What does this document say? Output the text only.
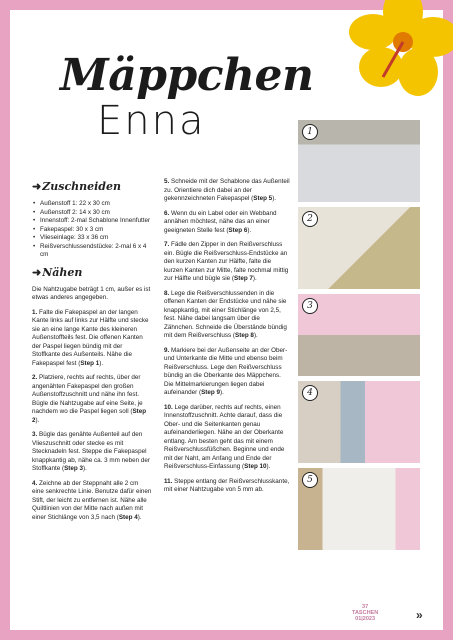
Mäppchen
Enna
➜Zuschneiden
• Außenstoff 1: 22 x 30 cm
• Außenstoff 2: 14 x 30 cm
• Innenstoff: 2-mal Schablone Innenfutter
• Fakepaspel: 30 x 3 cm
• Vlieseinlage: 33 x 36 cm
• Reißverschlussendstücke: 2-mal 6 x 4 cm
➜Nähen

Die Nahtzugabe beträgt 1 cm, außer es ist etwas anderes angegeben.

1. Falte die Fakepaspel an der langen Kante links auf links zur Hälfte und stecke sie an eine lange Kante des kleineren Außenstoffteils fest. Die offenen Kanten der Paspel liegen bündig mit der Stoffkante des Außenteils. Nähe die Fakepaspel fest (Step 1).

2. Platziere, rechts auf rechts, über der angenähten Fakepaspel den großen Außenstoffzuschnitt und nähe ihn fest. Bügle die Nahtzugabe auf eine Seite, je nachdem wo die Paspel liegen soll (Step 2).

3. Bügle das genähte Außenteil auf den Vlieszuschnitt oder stecke es mit Stecknadeln fest. Steppe die Fakepaspel knappkantig ab, nähe ca. 3 mm neben der Stoffkante (Step 3).

4. Zeichne ab der Steppnaht alle 2 cm eine senkrechte Linie. Benutze dafür einen Stift, der leicht zu entfernen ist. Nähe alle Quiltlinien von der Mitte nach außen mit einer Stichlänge von 3,5 nach (Step 4).

5. Schneide mit der Schablone das Außenteil zu. Orientiere dich dabei an der gekennzeichneten Fakepaspel (Step 5).

6. Wenn du ein Label oder ein Webband annähen möchtest, nähe das an einer geeigneten Stelle fest (Step 6).

7. Fädle den Zipper in den Reißverschluss ein. Bügle die Reißverschluss-Endstücke an den kurzen Kanten zur Hälfte, falte die kurzen Kanten zur Mitte, falte nochmal mittig zur Hälfte und bügle sie (Step 7).

8. Lege die Reißverschlussenden in die offenen Kanten der Endstücke und nähe sie knappkantig, mit einer Stichlänge von 2,5, fest. Nähe dabei langsam über die Zähnchen. Schneide die Überstände bündig mit dem Reißverschluss (Step 8).

9. Markiere bei der Außenseite an der Ober- und Unterkante die Mitte und ebenso beim Reißverschluss. Lege den Reißverschluss bündig an die Oberkante des Mäppchens. Die Mittelmarkierungen liegen dabei aufeinander (Step 9).

10. Lege darüber, rechts auf rechts, einen Innenstoffzuschnitt. Achte darauf, dass die Ober- und die Seitenkanten genau aufeinanderliegen. Nähe an der Oberkante entlang. Am besten geht das mit einem Reißverschlussfüßchen. Beginne und ende mit der Naht, am Anfang und Ende der Reißverschluss-Einfassung (Step 10).

11. Steppe entlang der Reißverschlusskante, mit einer Nahtzugabe von 5 mm ab.

1
2
3
4
5
37
TASCHEN
01|2023	»
